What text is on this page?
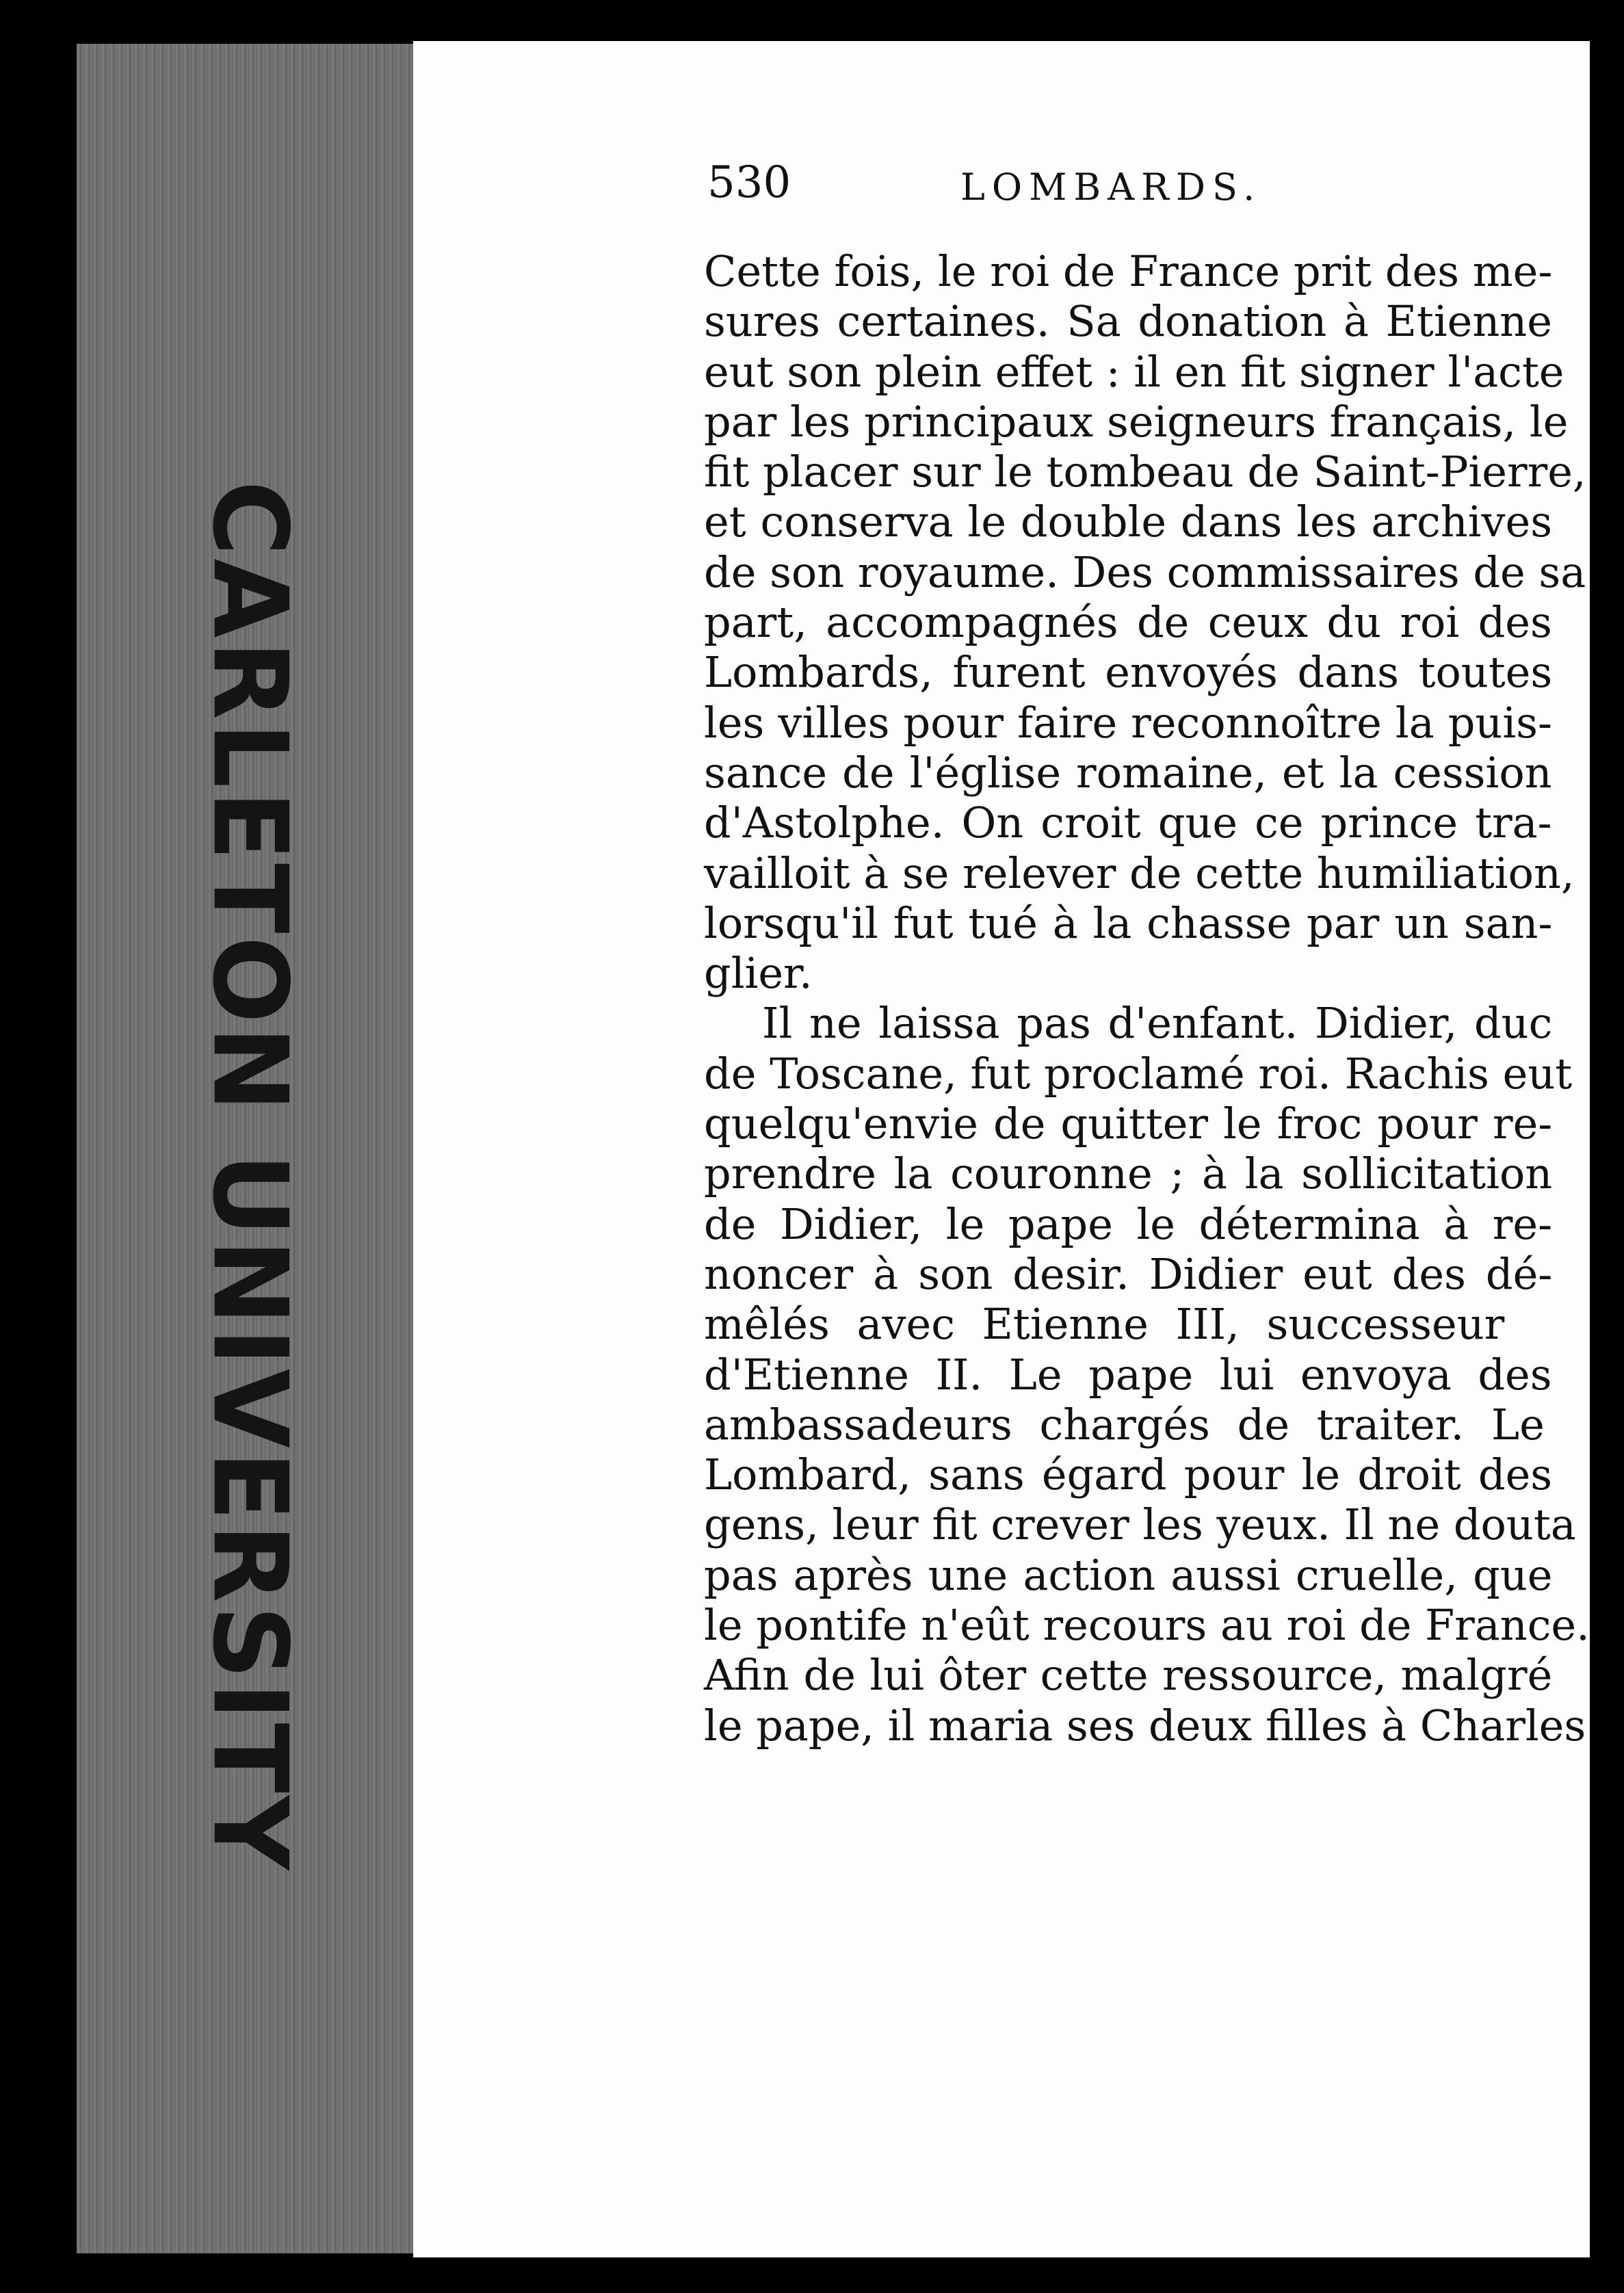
CARLETON UNIVERSITY
530	LOMBARDS.
Cette fois, le roi de France prit des me-
sures certaines. Sa donation à Etienne
eut son plein effet : il en fit signer l'acte
par les principaux seigneurs français, le
fit placer sur le tombeau de Saint-Pierre,
et conserva le double dans les archives
de son royaume. Des commissaires de sa
part, accompagnés de ceux du roi des
Lombards, furent envoyés dans toutes
les villes pour faire reconnoître la puis-
sance de l'église romaine, et la cession
d'Astolphe. On croit que ce prince tra-
vailloit à se relever de cette humiliation,
lorsqu'il fut tué à la chasse par un san-
glier.
Il ne laissa pas d'enfant. Didier, duc
de Toscane, fut proclamé roi. Rachis eut
quelqu'envie de quitter le froc pour re-
prendre la couronne ; à la sollicitation
de Didier, le pape le détermina à re-
noncer à son desir. Didier eut des dé-
mêlés avec Etienne III, successeur
d'Etienne II. Le pape lui envoya des
ambassadeurs chargés de traiter. Le
Lombard, sans égard pour le droit des
gens, leur fit crever les yeux. Il ne douta
pas après une action aussi cruelle, que
le pontife n'eût recours au roi de France.
Afin de lui ôter cette ressource, malgré
le pape, il maria ses deux filles à Charles
